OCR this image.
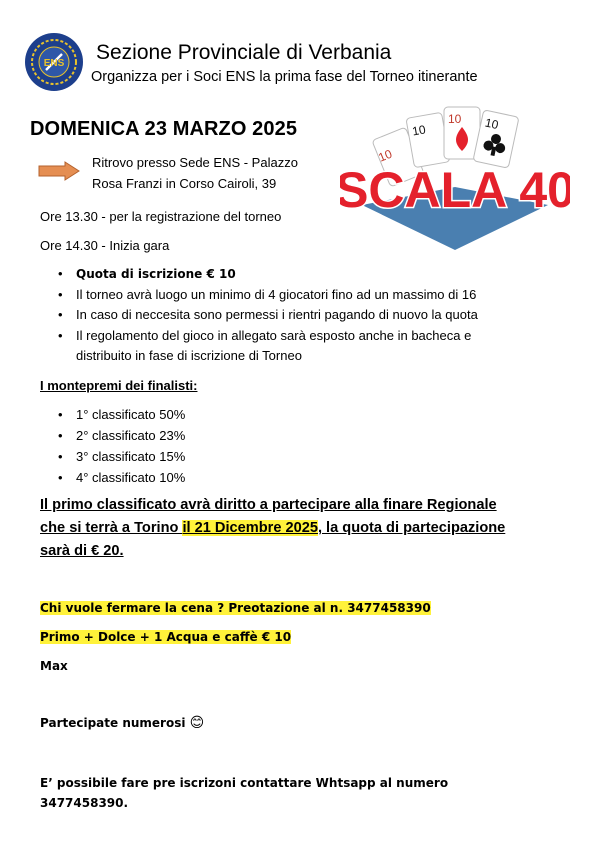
ENS Sezione Provinciale di Verbania
Organizza per i Soci ENS la prima fase del Torneo itinerante
DOMENICA 23 MARZO 2025
Ritrovo presso Sede ENS - Palazzo
Rosa Franzi in Corso Cairoli, 39
10
10
10 10
SCALA 40
Ore 13.30 - per la registrazione del torneo
Ore 14.30 - Inizia gara
• Quota di iscrizione € 10
• Il torneo avrà luogo un minimo di 4 giocatori fino ad un massimo di 16
• In caso di neccesita sono permessi i rientri pagando di nuovo la quota
• Il regolamento del gioco in allegato sarà esposto anche in bacheca e
distribuito in fase di iscrizione di Torneo
I montepremi dei finalisti:
• 1° classificato 50%
• 2° classificato 23%
• 3° classificato 15%
• 4° classificato 10%
Il primo classificato avrà diritto a partecipare alla finare Regionale
che si terrà a Torino il 21 Dicembre 2025, la quota di partecipazione
sarà di € 20.
Chi vuole fermare la cena ? Preotazione al n. 3477458390
Primo + Dolce + 1 Acqua e caffè € 10
Max
Partecipate numerosi 😊
E’ possibile fare pre iscrizoni contattare Whtsapp al numero
3477458390.
